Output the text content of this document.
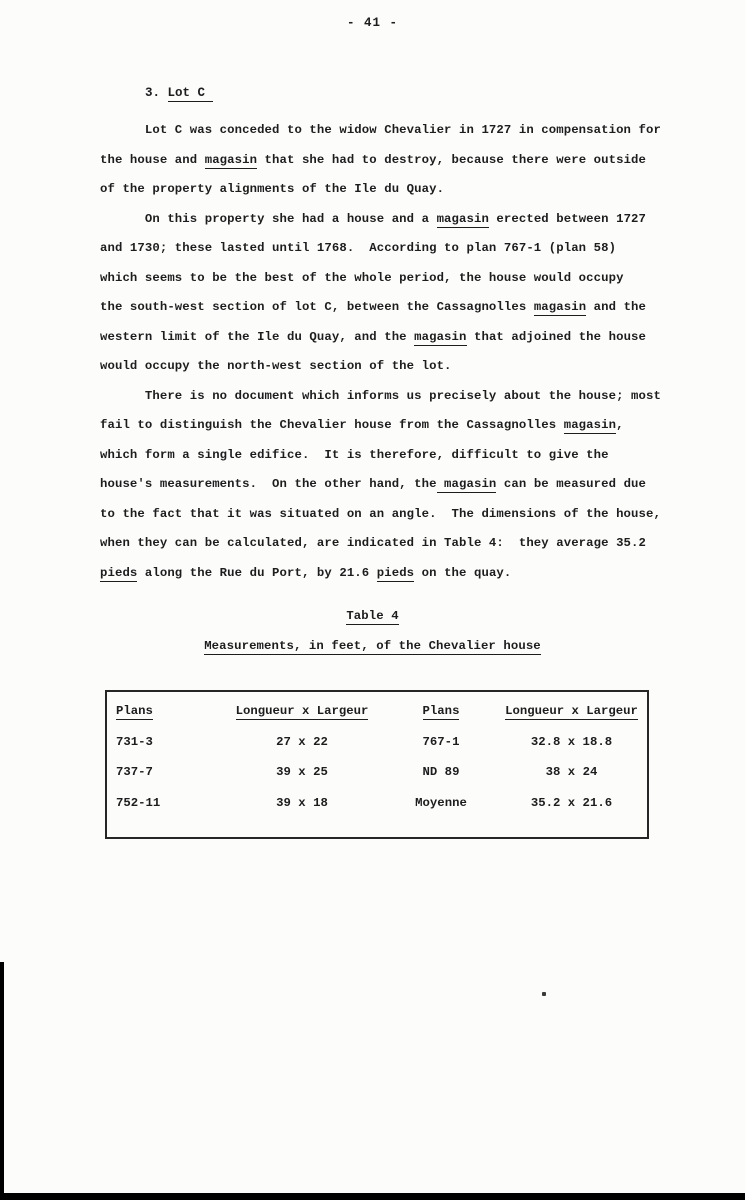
- 41 -
3. Lot C
Lot C was conceded to the widow Chevalier in 1727 in compensation for
the house and magasin that she had to destroy, because there were outside
of the property alignments of the Ile du Quay.
On this property she had a house and a magasin erected between 1727
and 1730; these lasted until 1768.  According to plan 767-1 (plan 58)
which seems to be the best of the whole period, the house would occupy
the south-west section of lot C, between the Cassagnolles magasin and the
western limit of the Ile du Quay, and the magasin that adjoined the house
would occupy the north-west section of the lot.
There is no document which informs us precisely about the house; most
fail to distinguish the Chevalier house from the Cassagnolles magasin,
which form a single edifice.  It is therefore, difficult to give the
house's measurements.  On the other hand, the magasin can be measured due
to the fact that it was situated on an angle.  The dimensions of the house,
when they can be calculated, are indicated in Table 4:  they average 35.2
pieds along the Rue du Port, by 21.6 pieds on the quay.
Table 4
Measurements, in feet, of the Chevalier house
Plans	Longueur x Largeur	Plans	Longueur x Largeur
731-3	27 x 22	767-1	32.8 x 18.8
737-7	39 x 25	ND 89	38 x 24
752-11	39 x 18	Moyenne	35.2 x 21.6
